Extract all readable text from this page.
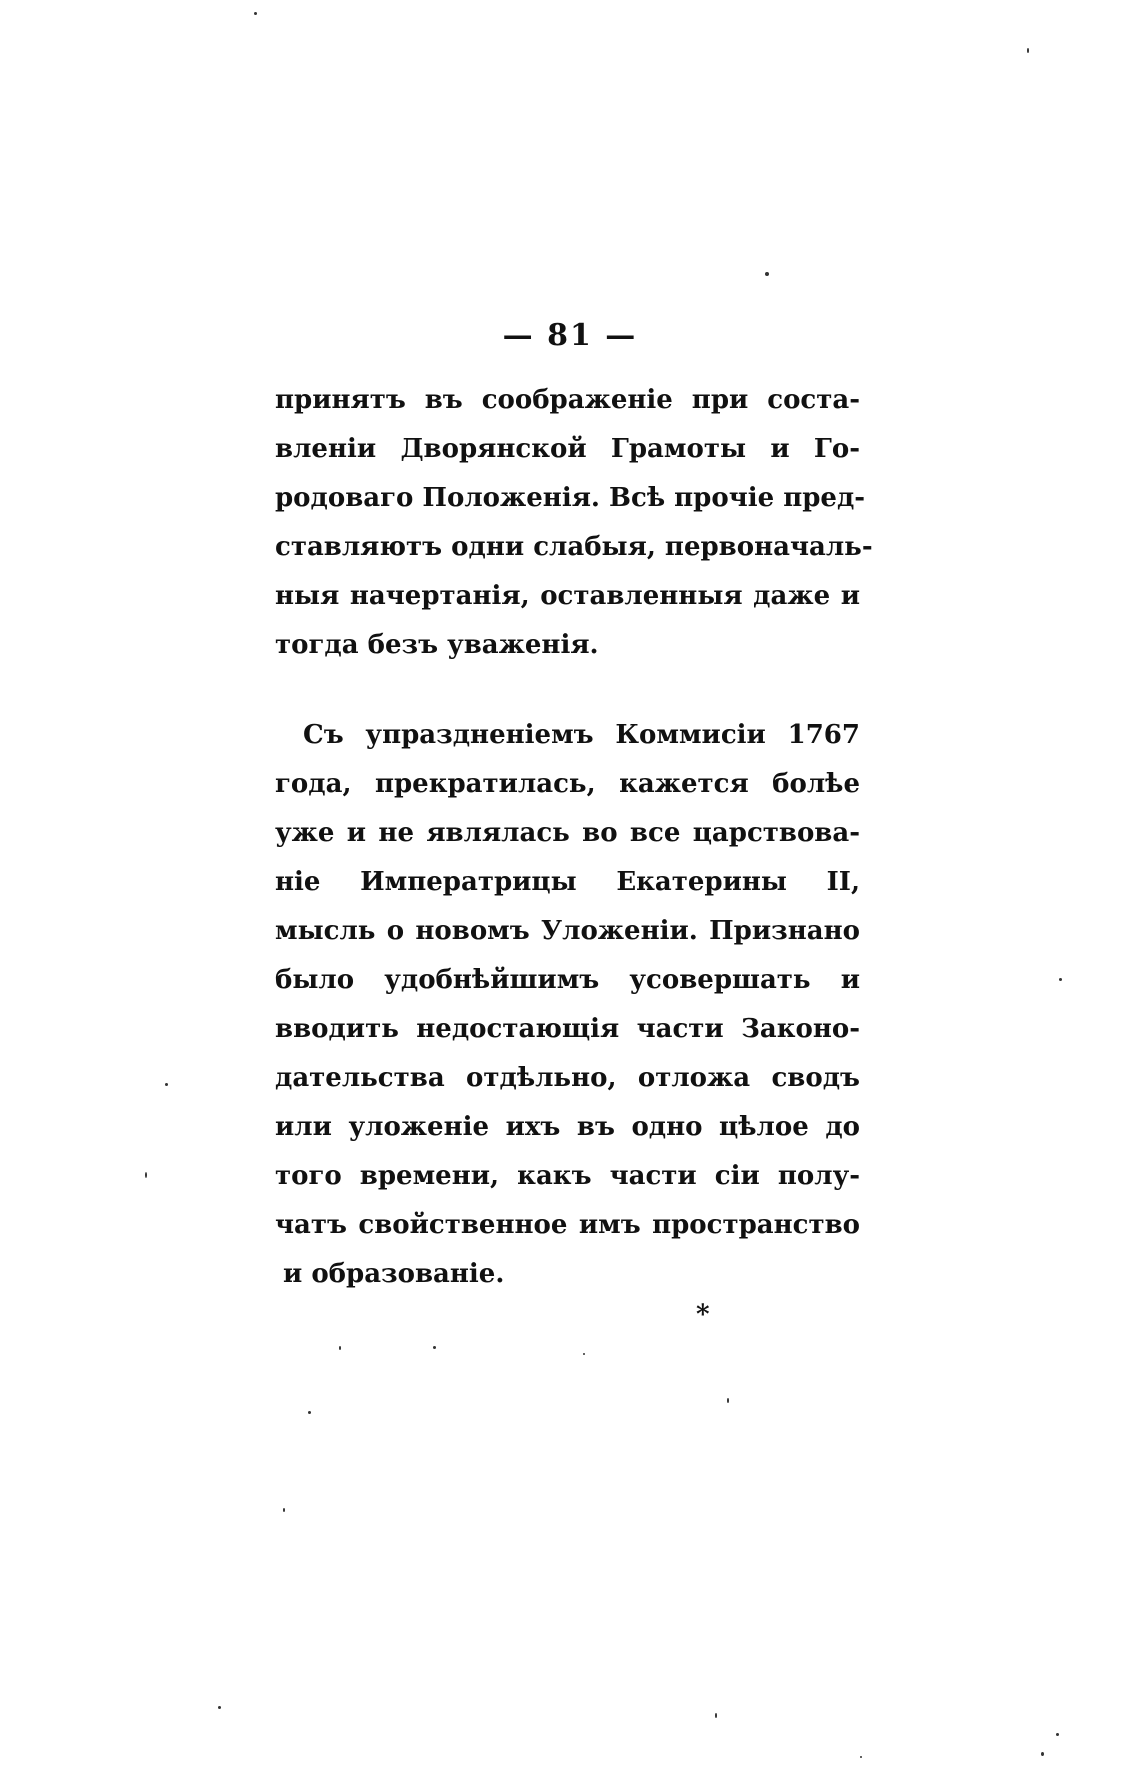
— 81 —
принятъ въ соображеніе при соста-
вленіи Дворянской Грамоты и Го-
родоваго Положенія. Всѣ прочіе пред-
ставляютъ одни слабыя, первоначаль-
ныя начертанія, оставленныя даже и
тогда безъ уваженія.
Съ упраздненіемъ Коммисіи 1767
года, прекратилась, кажется болѣе
уже и не являлась во все царствова-
ніе Императрицы Екатерины II,
мысль о новомъ Уложеніи. Признано
было удобнѣйшимъ усовершать и
вводить недостающія части Законо-
дательства отдѣльно, отложа сводъ
или уложеніе ихъ въ одно цѣлое до
того времени, какъ части сіи полу-
чатъ свойственное имъ пространство
и образованіе.
*
